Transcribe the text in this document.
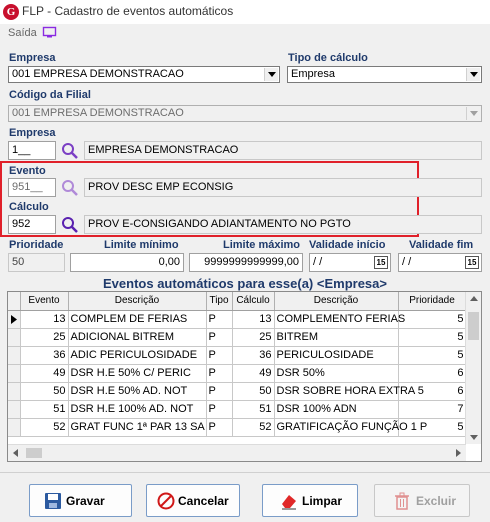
G FLP - Cadastro de eventos automáticos
Saída
Empresa
001 EMPRESA DEMONSTRACAO
Tipo de cálculo
Empresa
Código da Filial
001 EMPRESA DEMONSTRACAO
Empresa
1__	EMPRESA DEMONSTRACAO
Evento
951__	PROV DESC EMP ECONSIG
Cálculo
952	PROV E-CONSIGANDO ADIANTAMENTO NO PGTO
Prioridade
50
Limite mínimo
0,00
Limite máximo
9999999999999,00
Validade início
/ /	15
Validade fim
/ /	15
Eventos automáticos para esse(a) <Empresa>
	Evento	Descrição	Tipo	Cálculo	Descrição	Prioridade

	13	COMPLEM DE FERIAS	P	13	COMPLEMENTO FERIAS	5
	25	ADICIONAL BITREM	P	25	BITREM	5
	36	ADIC PERICULOSIDADE	P	36	PERICULOSIDADE	5
	49	DSR H.E 50% C/ PERIC	P	49	DSR 50%	6
	50	DSR H.E 50% AD. NOT	P	50	DSR SOBRE HORA EXTRA 5	6
	51	DSR H.E 100% AD. NOT	P	51	DSR 100% ADN	7
	52	GRAT FUNC 1ª PAR 13 SA	P	52	GRATIFICAÇÃO FUNÇÃO 1 P	5
Gravar	Cancelar	Limpar	Excluir
